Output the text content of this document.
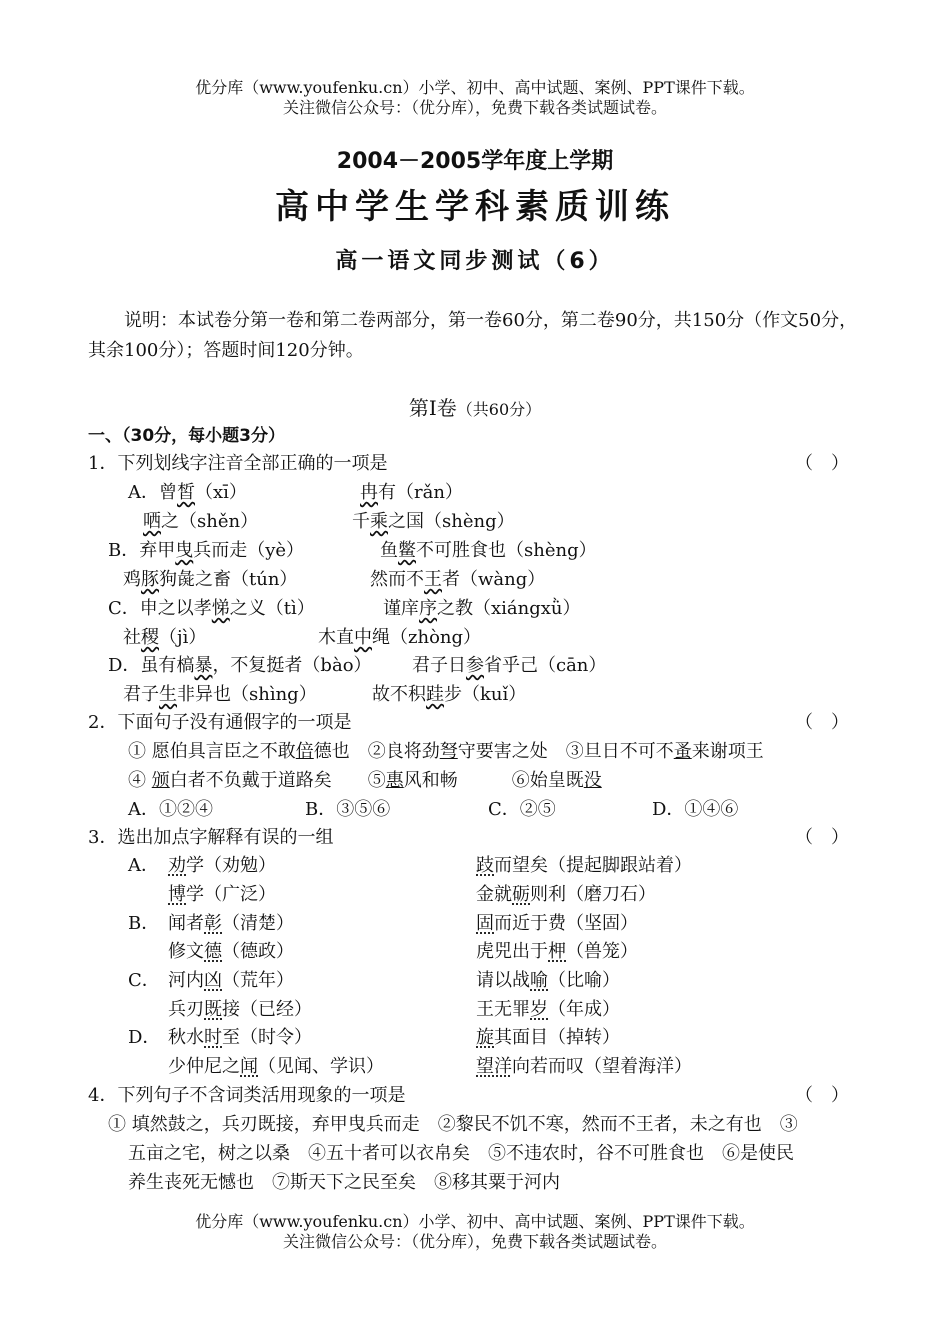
优分库（www.youfenku.cn）小学、初中、高中试题、案例、PPT课件下载。
关注微信公众号：（优分库），免费下载各类试题试卷。
2004－2005学年度上学期
高中学生学科素质训练
高一语文同步测试（6）
说明：本试卷分第一卷和第二卷两部分，第一卷60分，第二卷90分，共150分（作文50分，其余100分）；答题时间120分钟。
第Ⅰ卷（共60分）
一、（30分，每小题3分）
1．下列划线字注音全部正确的一项是	（　）
A．曾皙（xī）	冉有（rǎn）
哂之（shěn）	千乘之国（shèng）
B．弃甲曳兵而走（yè）	鱼鳖不可胜食也（shèng）
鸡豚狗彘之畜（tún）	然而不王者（wàng）
C．申之以孝悌之义（tì）	谨庠序之教（xiángxǜ）
社稷（jì）	木直中绳（zhòng）
D．虽有槁暴，不复挺者（bào） 君子日参省乎己（cān）
君子生非异也（shìng）	故不积跬步（kuǐ）
2．下面句子没有通假字的一项是	（　）
① 愿伯具言臣之不敢倍德也　②良将劲弩守要害之处　③旦日不可不蚤来谢项王
④ 颁白者不负戴于道路矣　　⑤惠风和畅　　　⑥始皇既没
A．①②④	B．③⑤⑥	C．②⑤	D．①④⑥
3．选出加点字解释有误的一组	（　）
A． 劝学（劝勉）	跂而望矣（提起脚跟站着）
博学（广泛）	金就砺则利（磨刀石）
B． 闻者彰（清楚）	固而近于费（坚固）
修文德（德政）	虎兕出于柙（兽笼）
C． 河内凶（荒年）	请以战喻（比喻）
兵刃既接（已经）	王无罪岁（年成）
D． 秋水时至（时令）	旋其面目（掉转）
少仲尼之闻（见闻、学识）	望洋向若而叹（望着海洋）
4．下列句子不含词类活用现象的一项是	（　）
① 填然鼓之，兵刃既接，弃甲曳兵而走　②黎民不饥不寒，然而不王者，未之有也　③
五亩之宅，树之以桑　④五十者可以衣帛矣　⑤不违农时，谷不可胜食也　⑥是使民
养生丧死无憾也　⑦斯天下之民至矣　⑧移其粟于河内
优分库（www.youfenku.cn）小学、初中、高中试题、案例、PPT课件下载。
关注微信公众号：（优分库），免费下载各类试题试卷。
